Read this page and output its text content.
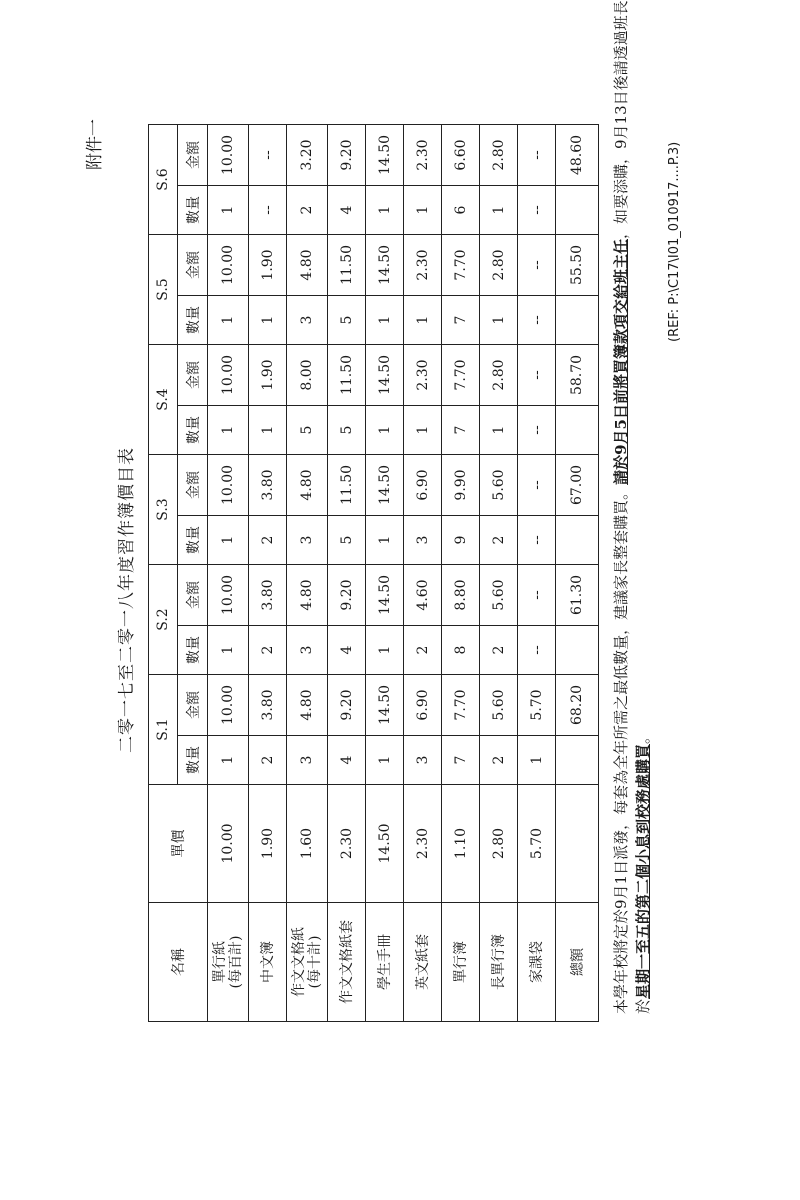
附件一
二零一七至二零一八年度習作簿價目表
名稱	單價	S.1		S.2		S.3		S.4		S.5		S.6	
		數量	金額	數量	金額	數量	金額	數量	金額	數量	金額	數量	金額
單行紙
(每百計)	10.00	1	10.00	1	10.00	1	10.00	1	10.00	1	10.00	1	10.00
中文簿	1.90	2	3.80	2	3.80	2	3.80	1	1.90	1	1.90	--	--
作文文格紙
(每十計)	1.60	3	4.80	3	4.80	3	4.80	5	8.00	3	4.80	2	3.20
作文文格紙套	2.30	4	9.20	4	9.20	5	11.50	5	11.50	5	11.50	4	9.20
學生手冊	14.50	1	14.50	1	14.50	1	14.50	1	14.50	1	14.50	1	14.50
英文紙套	2.30	3	6.90	2	4.60	3	6.90	1	2.30	1	2.30	1	2.30
單行簿	1.10	7	7.70	8	8.80	9	9.90	7	7.70	7	7.70	6	6.60
長單行簿	2.80	2	5.60	2	5.60	2	5.60	1	2.80	1	2.80	1	2.80
家課袋	5.70	1	5.70	--	--	--	--	--	--	--	--	--	--
總額			68.20		61.30		67.00		58.70		55.50		48.60

本學年校將定於9月1日派發，每套為全年所需之最低數量，建議家長整套購買。請於9月5日前將買簿款項交給班主任，如要添購，9月13日後請透過班長

於星期一至五的第二個小息到校務處購買。

(REF: P:\C17\I01_010917....P.3)
